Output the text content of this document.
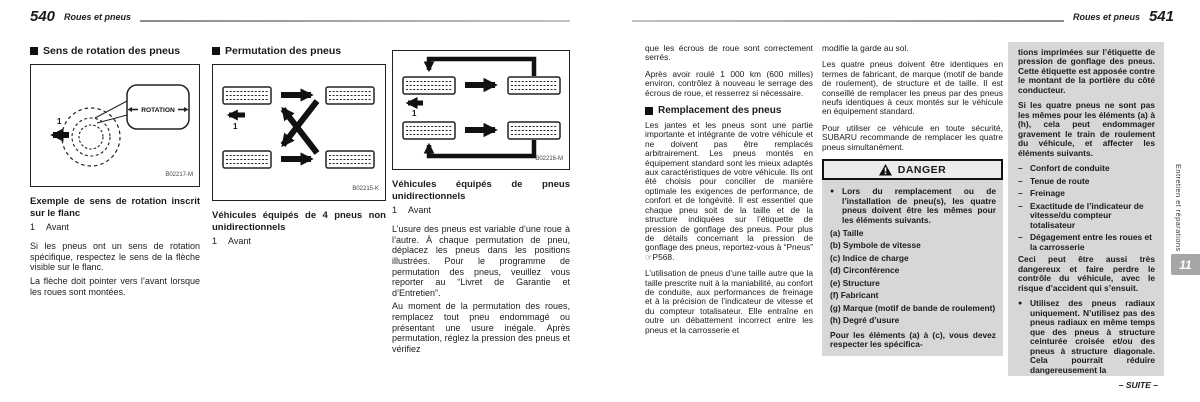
540 Roues et pneus	Roues et pneus 541
Sens de rotation des pneus
1
ROTATION
B02217-M
Exemple de sens de rotation inscrit sur le flanc
1	Avant

Si les pneus ont un sens de rotation spécifique, respectez le sens de la flèche visible sur le flanc.

La flèche doit pointer vers l’avant lorsque les roues sont montées.

Permutation des pneus
1
B02215-K
Véhicules équipés de 4 pneus non unidirectionnels
1	Avant
1
B02216-M
Véhicules équipés de pneus unidirectionnels
1	Avant

L’usure des pneus est variable d’une roue à l’autre. À chaque permutation de pneu, déplacez les pneus dans les positions illustrées. Pour le programme de permutation des pneus, veuillez vous reporter au “Livret de Garantie et d’Entretien”.

Au moment de la permutation des roues, remplacez tout pneu endommagé ou présentant une usure inégale. Après permutation, réglez la pression des pneus et vérifiez

que les écrous de roue sont correctement serrés.

Après avoir roulé 1 000 km (600 milles) environ, contrôlez à nouveau le serrage des écrous de roue, et resserrez si nécessaire.

Remplacement des pneus

Les jantes et les pneus sont une partie importante et intégrante de votre véhicule et ne doivent pas être remplacés arbitrairement. Les pneus montés en équipement standard sont les mieux adaptés aux caractéristiques de votre véhicule. Ils ont été choisis pour concilier de manière optimale les exigences de performance, de confort et de longévité. Il est essentiel que chaque pneu soit de la taille et de la structure indiquées sur l’étiquette de pression de gonflage des pneus. Pour plus de détails concernant la pression de gonflage des pneus, reportez-vous à “Pneus” ☞P568.

L’utilisation de pneus d’une taille autre que la taille prescrite nuit à la maniabilité, au confort de conduite, aux performances de freinage et à la précision de l’indicateur de vitesse et du compteur totalisateur. Elle entraîne en outre un débattement incorrect entre les pneus et la carrosserie et

modifie la garde au sol.

Les quatre pneus doivent être identiques en termes de fabricant, de marque (motif de bande de roulement), de structure et de taille. Il est conseillé de remplacer les pneus par des pneus neufs identiques à ceux montés sur le véhicule en équipement standard.

Pour utiliser ce véhicule en toute sécurité, SUBARU recommande de remplacer les quatre pneus simultanément.

DANGER
● Lors du remplacement ou de l’installation de pneu(s), les quatre pneus doivent être les mêmes pour les éléments suivants.
(a) Taille
(b) Symbole de vitesse
(c) Indice de charge
(d) Circonférence
(e) Structure
(f) Fabricant
(g) Marque (motif de bande de roulement)
(h) Degré d’usure
Pour les éléments (a) à (c), vous devez respecter les spécifica-

tions imprimées sur l’étiquette de pression de gonflage des pneus. Cette étiquette est apposée contre le montant de la portière du côté conducteur.

Si les quatre pneus ne sont pas les mêmes pour les éléments (a) à (h), cela peut endommager gravement le train de roulement du véhicule, et affecter les éléments suivants.

– Confort de conduite
– Tenue de route
– Freinage
– Exactitude de l’indicateur de vitesse/du compteur totalisateur
– Dégagement entre les roues et la carrosserie

Ceci peut être aussi très dangereux et faire perdre le contrôle du véhicule, avec le risque d’accident qui s’ensuit.

● Utilisez des pneus radiaux uniquement. N’utilisez pas des pneus radiaux en même temps que des pneus à structure ceinturée croisée et/ou des pneus à structure diagonale. Cela pourrait réduire dangereusement la
– SUITE –
Entretien et réparations
11
